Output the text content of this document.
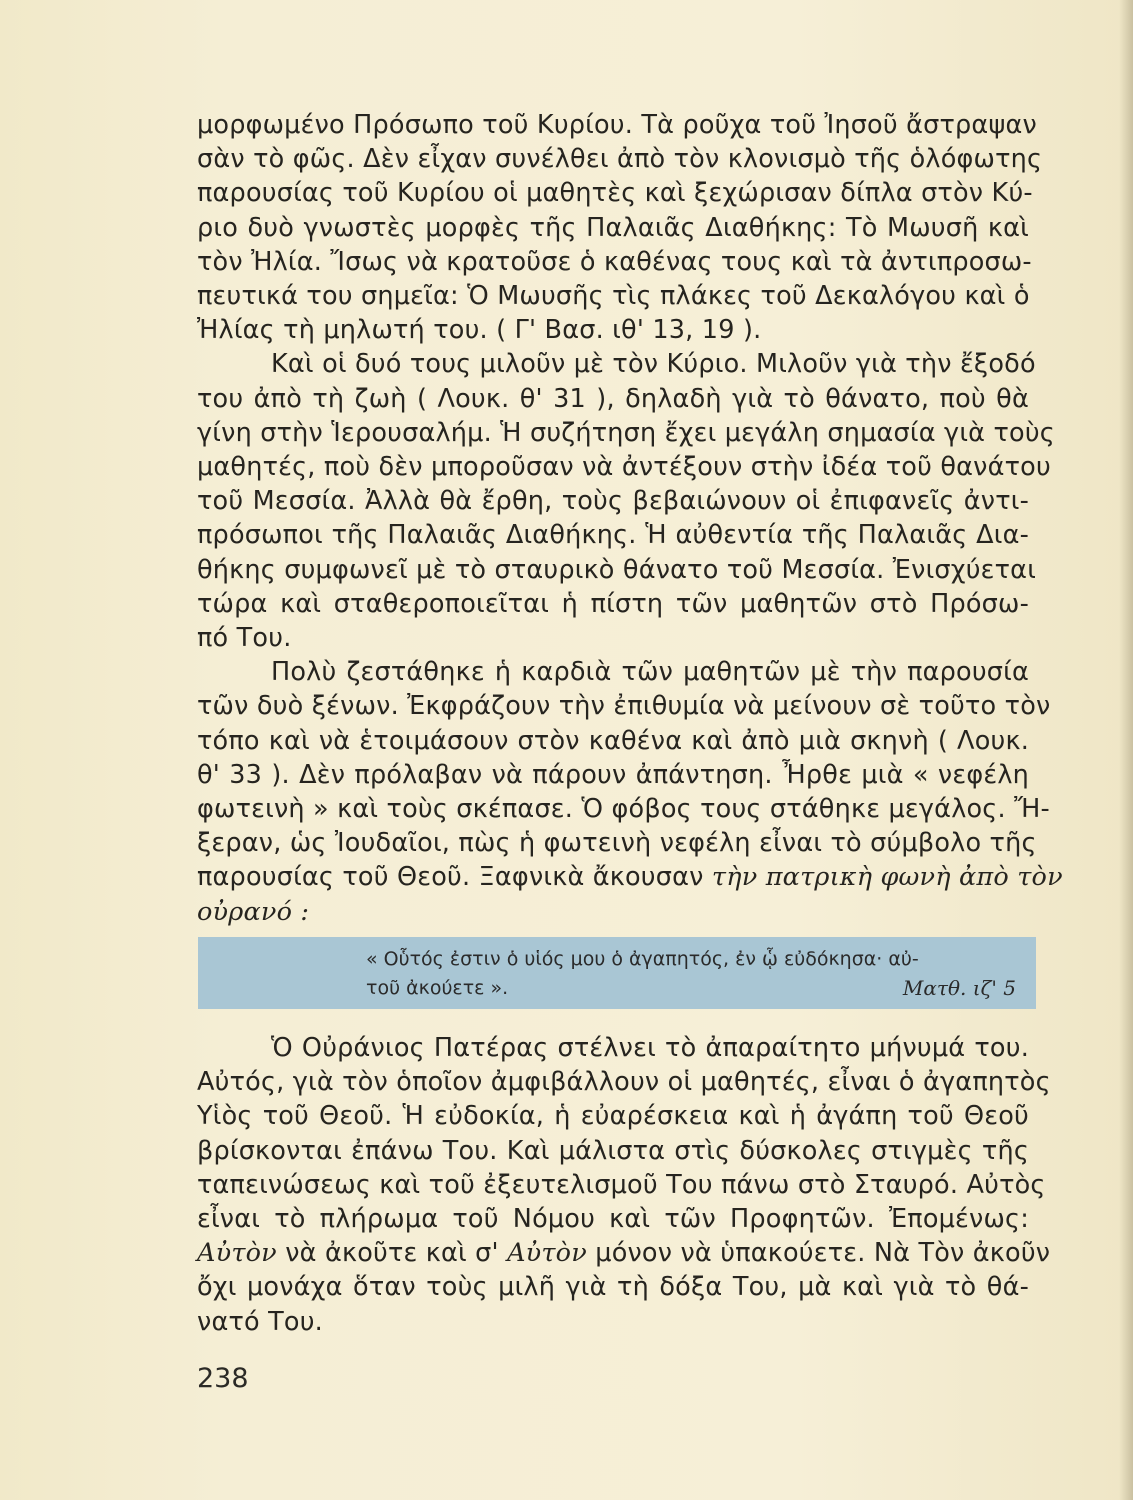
μορφωμένο Πρόσωπο τοῦ Κυρίου. Τὰ ροῦχα τοῦ Ἰησοῦ ἄστραψαν
σὰν τὸ φῶς. Δὲν εἶχαν συνέλθει ἀπὸ τὸν κλονισμὸ τῆς ὁλόφωτης
παρουσίας τοῦ Κυρίου οἱ μαθητὲς καὶ ξεχώρισαν δίπλα στὸν Κύ-
ριο δυὸ γνωστὲς μορφὲς τῆς Παλαιᾶς Διαθήκης: Τὸ Μωυσῆ καὶ
τὸν Ἠλία. Ἴσως νὰ κρατοῦσε ὁ καθένας τους καὶ τὰ ἀντιπροσω-
πευτικά του σημεῖα: Ὁ Μωυσῆς τὶς πλάκες τοῦ Δεκαλόγου καὶ ὁ
Ἠλίας τὴ μηλωτή του. ( Γ' Βασ. ιθ' 13, 19 ).
Καὶ οἱ δυό τους μιλοῦν μὲ τὸν Κύριο. Μιλοῦν γιὰ τὴν ἔξοδό
του ἀπὸ τὴ ζωὴ ( Λουκ. θ' 31 ), δηλαδὴ γιὰ τὸ θάνατο, ποὺ θὰ
γίνη στὴν Ἱερουσαλήμ. Ἡ συζήτηση ἔχει μεγάλη σημασία γιὰ τοὺς
μαθητές, ποὺ δὲν μποροῦσαν νὰ ἀντέξουν στὴν ἰδέα τοῦ θανάτου
τοῦ Μεσσία. Ἀλλὰ θὰ ἔρθη, τοὺς βεβαιώνουν οἱ ἐπιφανεῖς ἀντι-
πρόσωποι τῆς Παλαιᾶς Διαθήκης. Ἡ αὐθεντία τῆς Παλαιᾶς Δια-
θήκης συμφωνεῖ μὲ τὸ σταυρικὸ θάνατο τοῦ Μεσσία. Ἐνισχύεται
τώρα καὶ σταθεροποιεῖται ἡ πίστη τῶν μαθητῶν στὸ Πρόσω-
πό Του.
Πολὺ ζεστάθηκε ἡ καρδιὰ τῶν μαθητῶν μὲ τὴν παρουσία
τῶν δυὸ ξένων. Ἐκφράζουν τὴν ἐπιθυμία νὰ μείνουν σὲ τοῦτο τὸν
τόπο καὶ νὰ ἑτοιμάσουν στὸν καθένα καὶ ἀπὸ μιὰ σκηνὴ ( Λουκ.
θ' 33 ). Δὲν πρόλαβαν νὰ πάρουν ἀπάντηση. Ἦρθε μιὰ « νεφέλη
φωτεινὴ » καὶ τοὺς σκέπασε. Ὁ φόβος τους στάθηκε μεγάλος. Ἤ-
ξεραν, ὡς Ἰουδαῖοι, πὼς ἡ φωτεινὴ νεφέλη εἶναι τὸ σύμβολο τῆς
παρουσίας τοῦ Θεοῦ. Ξαφνικὰ ἄκουσαν τὴν πατρικὴ φωνὴ ἀπὸ τὸν
οὐρανό :
« Οὗτός ἐστιν ὁ υἱός μου ὁ ἀγαπητός, ἐν ᾧ εὐδόκησα· αὐ-
τοῦ ἀκούετε ».	Ματθ. ιζ' 5
Ὁ Οὐράνιος Πατέρας στέλνει τὸ ἀπαραίτητο μήνυμά του.
Αὐτός, γιὰ τὸν ὁποῖον ἀμφιβάλλουν οἱ μαθητές, εἶναι ὁ ἀγαπητὸς
Υἱὸς τοῦ Θεοῦ. Ἡ εὐδοκία, ἡ εὐαρέσκεια καὶ ἡ ἀγάπη τοῦ Θεοῦ
βρίσκονται ἐπάνω Του. Καὶ μάλιστα στὶς δύσκολες στιγμὲς τῆς
ταπεινώσεως καὶ τοῦ ἐξευτελισμοῦ Του πάνω στὸ Σταυρό. Αὐτὸς
εἶναι τὸ πλήρωμα τοῦ Νόμου καὶ τῶν Προφητῶν. Ἐπομένως:
Αὐτὸν νὰ ἀκοῦτε καὶ σ' Αὐτὸν μόνον νὰ ὑπακούετε. Νὰ Τὸν ἀκοῦν
ὄχι μονάχα ὅταν τοὺς μιλῆ γιὰ τὴ δόξα Του, μὰ καὶ γιὰ τὸ θά-
νατό Του.
238
